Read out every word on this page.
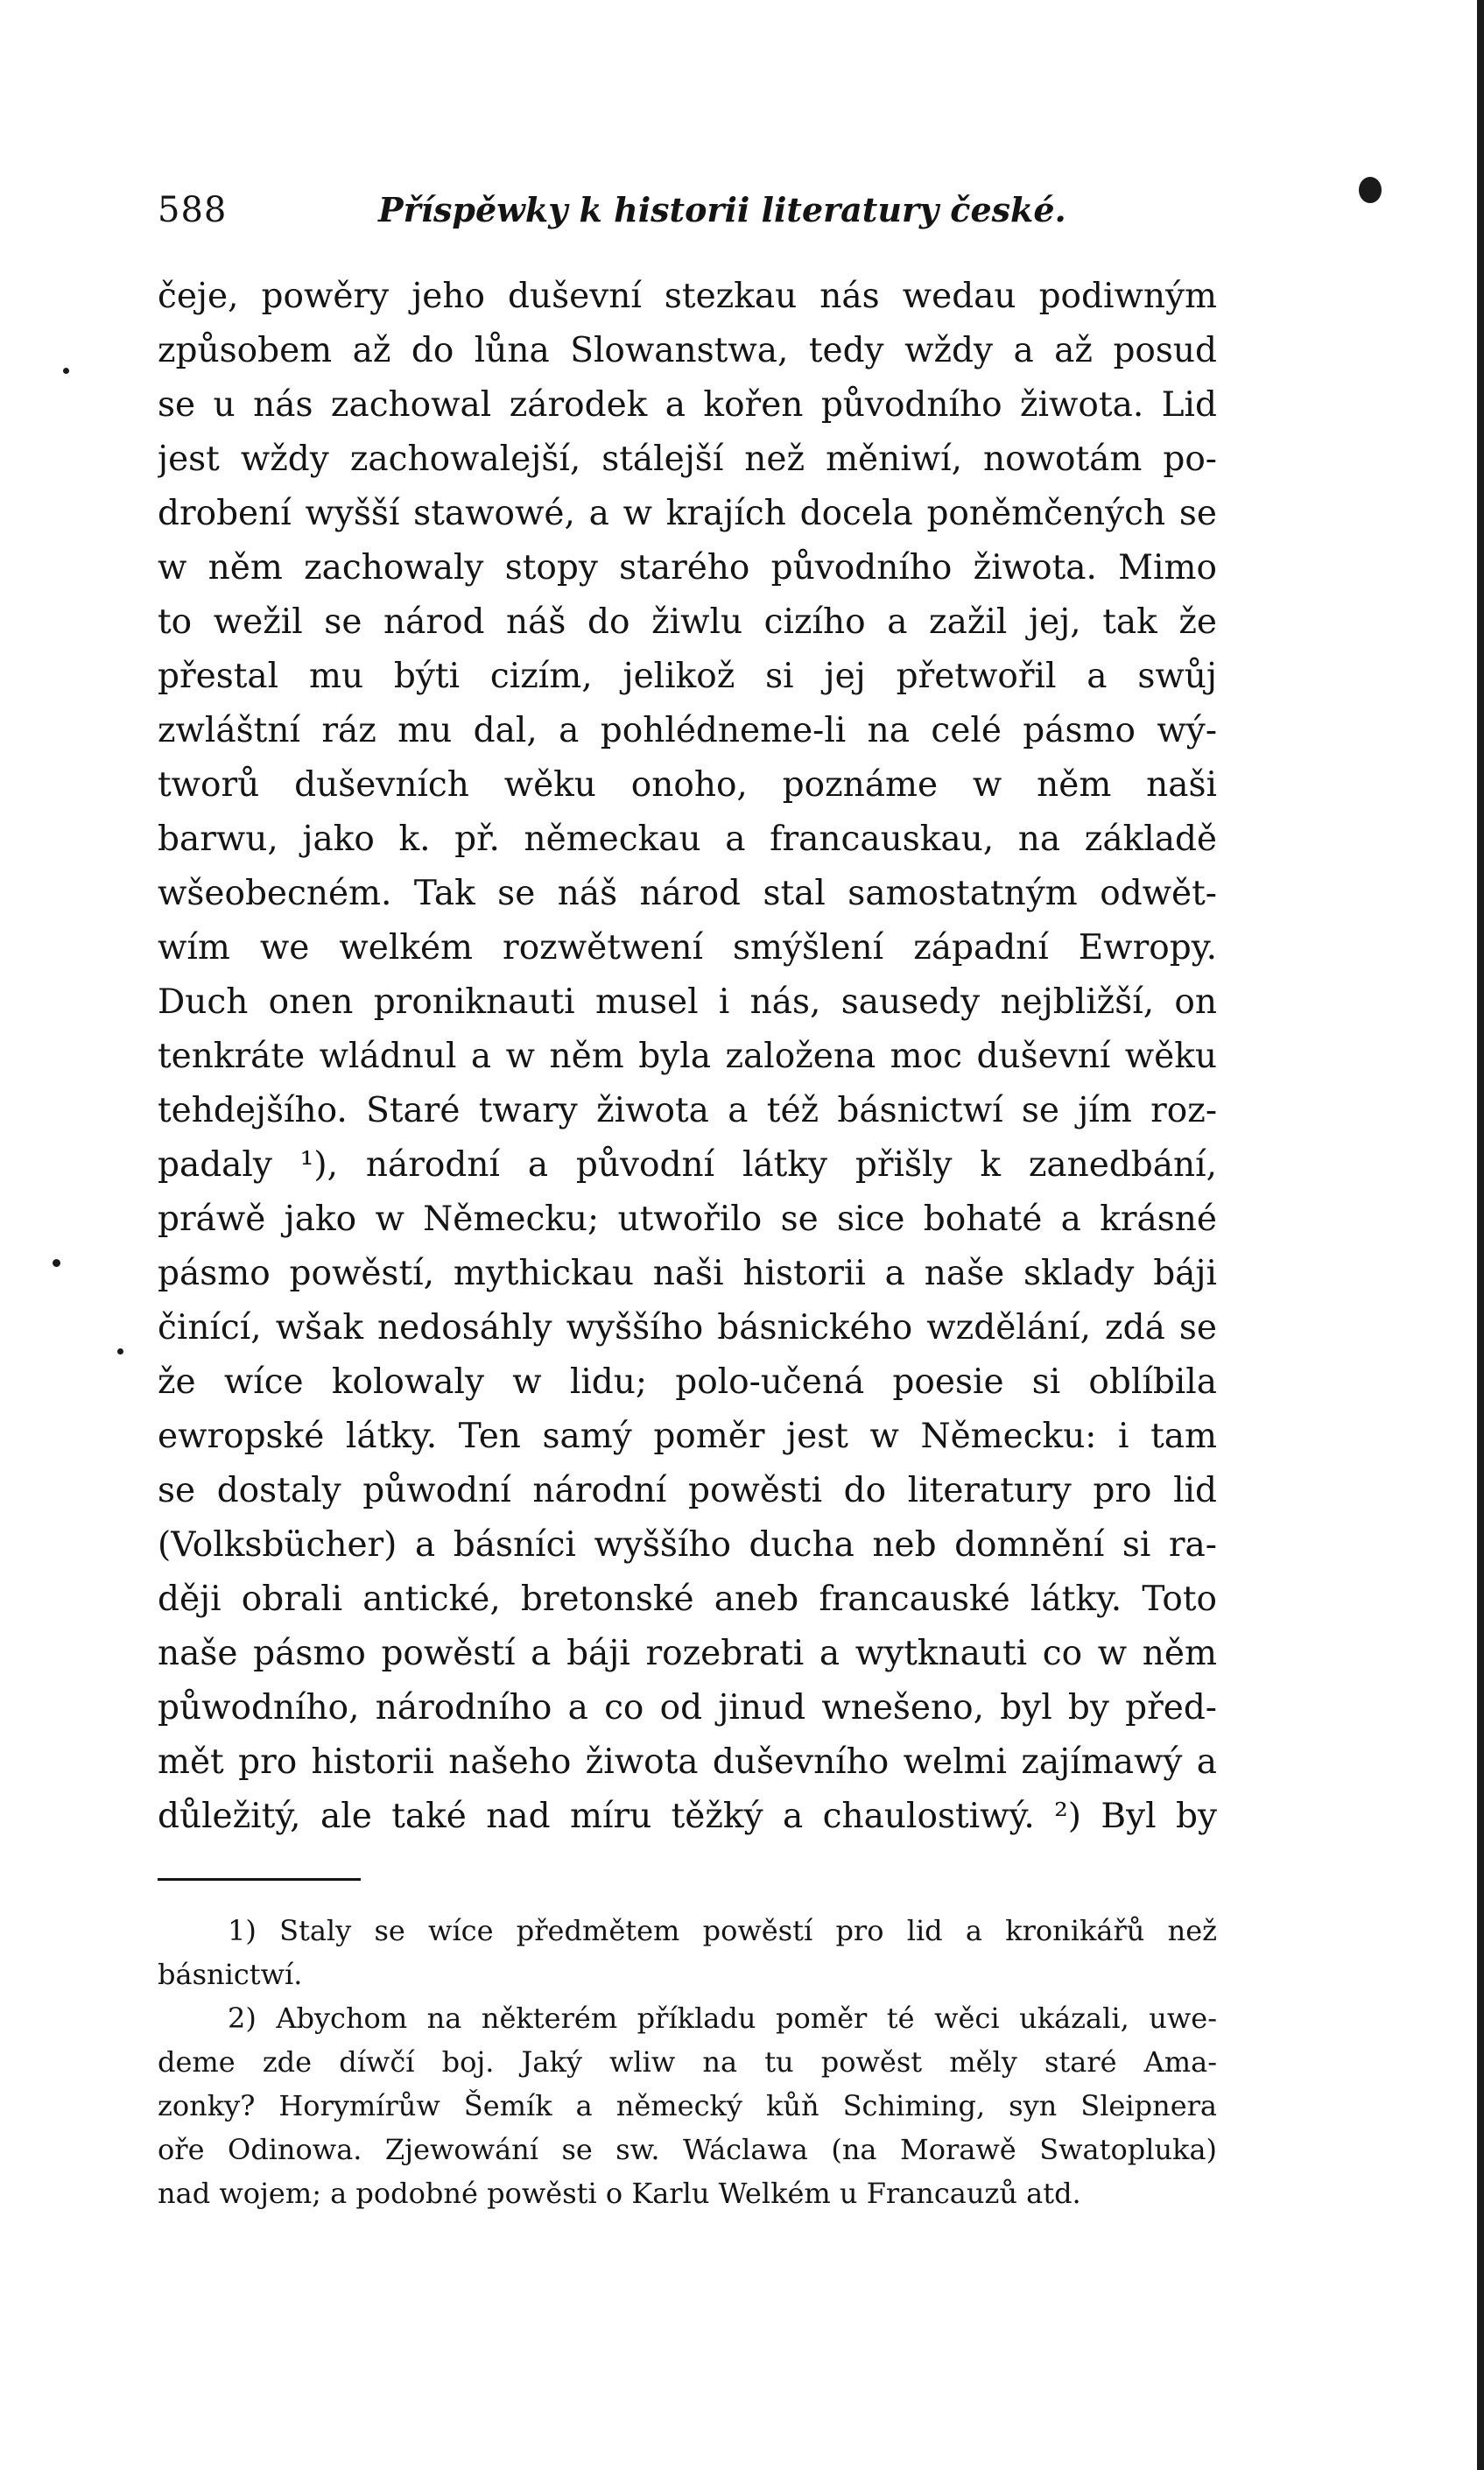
588	Příspěwky k historii literatury české.
čeje, powěry jeho duševní stezkau nás wedau podiwným
způsobem až do lůna Slowanstwa, tedy wždy a až posud
se u nás zachowal zárodek a kořen původního žiwota. Lid
jest wždy zachowalejší, stálejší než měniwí, nowotám po-
drobení wyšší stawowé, a w krajích docela poněmčených se
w něm zachowaly stopy starého původního žiwota. Mimo
to wežil se národ náš do žiwlu cizího a zažil jej, tak že
přestal mu býti cizím, jelikož si jej přetwořil a swůj
zwláštní ráz mu dal, a pohlédneme-li na celé pásmo wý-
tworů duševních wěku onoho, poznáme w něm naši
barwu, jako k. př. německau a francauskau, na základě
wšeobecném. Tak se náš národ stal samostatným odwět-
wím we welkém rozwětwení smýšlení západní Ewropy.
Duch onen proniknauti musel i nás, sausedy nejbližší, on
tenkráte wládnul a w něm byla založena moc duševní wěku
tehdejšího. Staré twary žiwota a též básnictwí se jím roz-
padaly ¹), národní a původní látky přišly k zanedbání,
práwě jako w Německu; utwořilo se sice bohaté a krásné
pásmo powěstí, mythickau naši historii a naše sklady báji
činící, wšak nedosáhly wyššího básnického wzdělání, zdá se
že wíce kolowaly w lidu; polo-učená poesie si oblíbila
ewropské látky. Ten samý poměr jest w Německu: i tam
se dostaly půwodní národní powěsti do literatury pro lid
(Volksbücher) a básníci wyššího ducha neb domnění si ra-
ději obrali antické, bretonské aneb francauské látky. Toto
naše pásmo powěstí a báji rozebrati a wytknauti co w něm
půwodního, národního a co od jinud wnešeno, byl by před-
mět pro historii našeho žiwota duševního welmi zajímawý a
důležitý, ale také nad míru těžký a chaulostiwý. ²) Byl by
1) Staly se wíce předmětem powěstí pro lid a kronikářů než
básnictwí.
2) Abychom na některém příkladu poměr té wěci ukázali, uwe-
deme zde díwčí boj. Jaký wliw na tu powěst měly staré Ama-
zonky? Horymírůw Šemík a německý kůň Schiming, syn Sleipnera
oře Odinowa. Zjewowání se sw. Wáclawa (na Morawě Swatopluka)
nad wojem; a podobné powěsti o Karlu Welkém u Francauzů atd.
